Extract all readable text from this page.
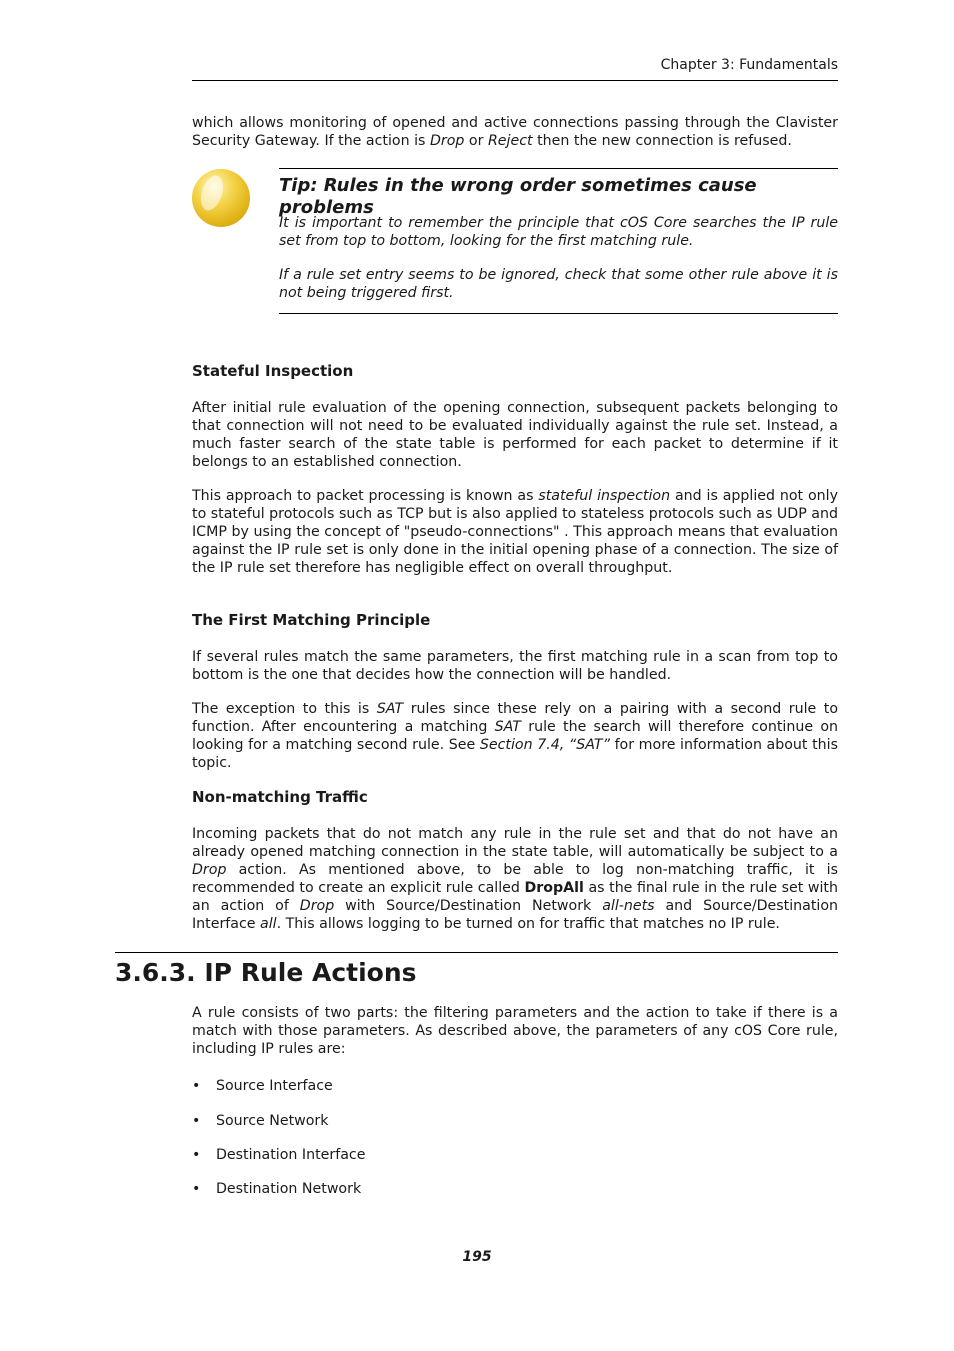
Chapter 3: Fundamentals

which allows monitoring of opened and active connections passing through the Clavister Security Gateway. If the action is Drop or Reject then the new connection is refused.

Tip: Rules in the wrong order sometimes cause problems
It is important to remember the principle that cOS Core searches the IP rule set from top to bottom, looking for the first matching rule.
If a rule set entry seems to be ignored, check that some other rule above it is not being triggered first.
Stateful Inspection

After initial rule evaluation of the opening connection, subsequent packets belonging to that connection will not need to be evaluated individually against the rule set. Instead, a much faster search of the state table is performed for each packet to determine if it belongs to an established connection.

This approach to packet processing is known as stateful inspection and is applied not only to stateful protocols such as TCP but is also applied to stateless protocols such as UDP and ICMP by using the concept of "pseudo-connections" . This approach means that evaluation against the IP rule set is only done in the initial opening phase of a connection. The size of the IP rule set therefore has negligible effect on overall throughput.

The First Matching Principle

If several rules match the same parameters, the first matching rule in a scan from top to bottom is the one that decides how the connection will be handled.

The exception to this is SAT rules since these rely on a pairing with a second rule to function. After encountering a matching SAT rule the search will therefore continue on looking for a matching second rule. See Section 7.4, “SAT” for more information about this topic.

Non-matching Traffic

Incoming packets that do not match any rule in the rule set and that do not have an already opened matching connection in the state table, will automatically be subject to a Drop action. As mentioned above, to be able to log non-matching traffic, it is recommended to create an explicit rule called DropAll as the final rule in the rule set with an action of Drop with Source/Destination Network all-nets and Source/Destination Interface all. This allows logging to be turned on for traffic that matches no IP rule.

3.6.3. IP Rule Actions
A rule consists of two parts: the filtering parameters and the action to take if there is a match with those parameters. As described above, the parameters of any cOS Core rule, including IP rules are:
• Source Interface
• Source Network
• Destination Interface
• Destination Network
195
